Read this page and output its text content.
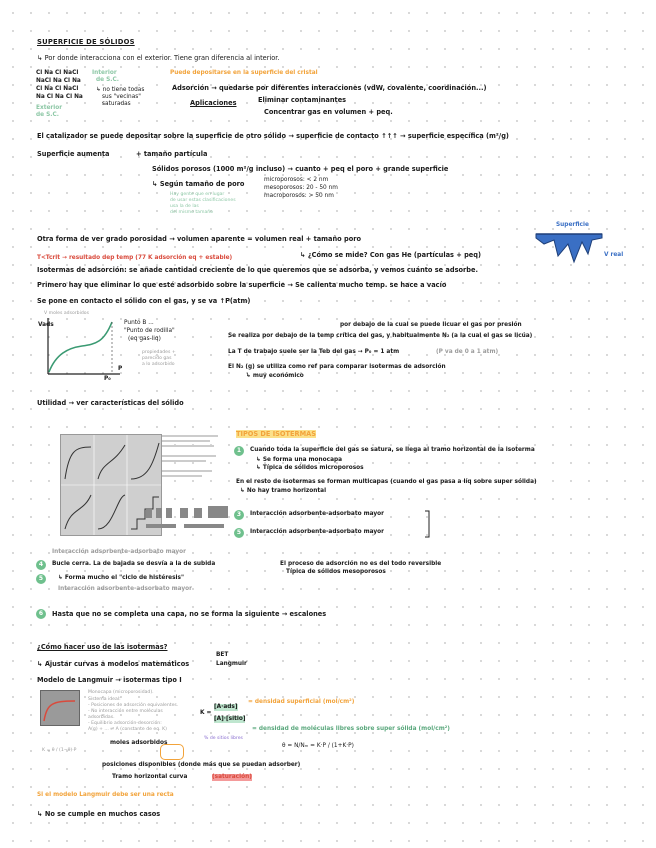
SUPERFICIE DE SÓLIDOS
↳ Por donde interacciona con el exterior. Tiene gran diferencia al interior.
Cl Na Cl NaCl
NaCl Na Cl Na
Cl Na Cl NaCl
Na Cl Na Cl Na
Interior
de S.C.
Exterior
de S.C.
↳ no tiene todas
sus "vecinas"
saturadas
Puede depositarse en la superficie del cristal
Adsorción → quedarse por diferentes interacciones (vdW, covalente, coordinación...)
Aplicaciones	Eliminar contaminantes
Concentrar gas en volumen + peq.
El catalizador se puede depositar sobre la superficie de otro sólido → superficie de contacto ↑↑↑ → superficie específica (m²/g)
Superficie aumenta	+ tamaño partícula
Sólidos porosos (1000 m²/g incluso) → cuanto + peq el poro + grande superficie
↳ Según tamaño de poro	microporosos: < 2 nm
mesoporosos: 20 - 50 nm
macroporosos: > 50 nm
Hay gente que en lugar
de usar estas clasificaciones
usa la de las
del mismo tamaño
Otra forma de ver grado porosidad → volumen aparente = volumen real + tamaño poro
↳ ¿Cómo se mide? Con gas He (partículas + peq)
Superficie
V real
T<Tcrit → resultado dep temp (77 K adsorción eq + estable)
Isotermas de adsorción: se añade cantidad creciente de lo que queremos que se adsorba, y vemos cuánto se adsorbe.
Primero hay que eliminar lo que esté adsorbido sobre la superficie → Se calienta mucho temp. se hace a vacío
Se pone en contacto el sólido con el gas, y se va ↑P(atm)
V moles adsorbidos
Vads
P
P₀
Punto B ...
"Punto de rodilla"
(eq gas-liq)
propiedades +
parecido gas
a lo adsorbido
por debajo de la cual se puede licuar el gas por presión
Se realiza por debajo de la temp crítica del gas, y habitualmente N₂ (a la cual el gas se licúa)
La T de trabajo suele ser la Teb del gas → P₀ = 1 atm	(P va de 0 a 1 atm)
El N₂ (g) se utiliza como ref para comparar isotermas de adsorción
↳ muy económico
Utilidad → ver características del sólido
TIPOS DE ISOTERMAS
1	Cuando toda la superficie del gas se satura, se llega al tramo horizontal de la isoterma
↳ Se forma una monocapa
↳ Típica de sólidos microporosos
En el resto de isotermas se forman multicapas (cuando el gas pasa a líq sobre super sólida)
↳ No hay tramo horizontal
3	Interacción adsorbente-adsorbato mayor
5	Interacción adsorbente-adsorbato mayor
Interacción adsorbente-adsorbato mayor
4	Bucle cerra. La de bajada se desvía a la de subida	El proceso de adsorción no es del todo reversible
Típica de sólidos mesoporosos
5	↳ Forma mucho el "ciclo de histéresis"
Interacción adsorbente-adsorbato mayor
6	Hasta que no se completa una capa, no se forma la siguiente → escalones
¿Cómo hacer uso de las isotermas?
↳ Ajustar curvas a modelos matemáticos
BET
Langmuir
Modelo de Langmuir → isotermas tipo I
Monocapa (microporosidad).
Sistema ideal:
- Posiciones de adsorción equivalentes.
- No interacción entre moléculas
adsorbidas.
- Equilibrio adsorción-desorción:
A(g) + ... ⇌ A (constante de eq. K)
K =
[A·ads]
[A]·[sitio]
= densidad superficial (mol/cm²)
= densidad de moléculas libres sobre super sólida (mol/cm²)
% de sitios libres
θ = N/Nₘ = K·P / (1+K·P)
K = θ / (1−θ)·P
moles adsorbidos
posiciones disponibles (donde más que se puedan adsorber)
Tramo horizontal curva	(saturación)
Si el modelo Langmuir debe ser una recta
↳ No se cumple en muchos casos
